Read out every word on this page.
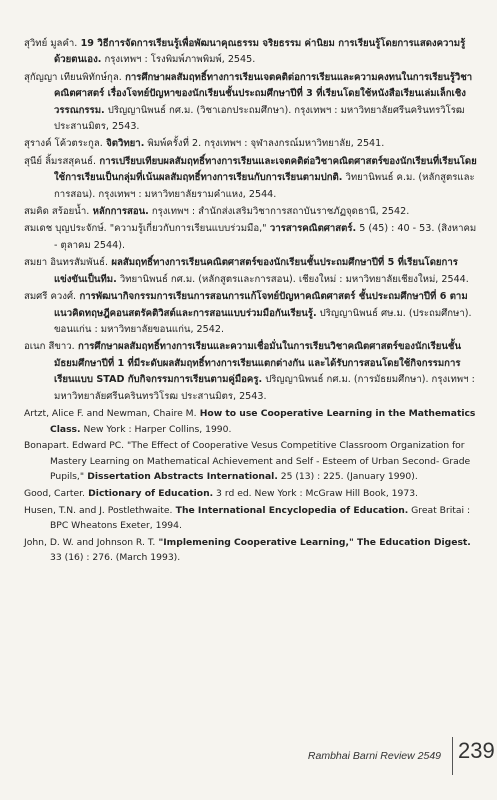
สุวิทย์ มูลคำ. 19 วิธีการจัดการเรียนรู้เพื่อพัฒนาคุณธรรม จริยธรรม ค่านิยม การเรียนรู้โดยการแสดงความรู้ด้วยตนเอง. กรุงเทพฯ : โรงพิมพ์ภาพพิมพ์, 2545.

สุกัญญา เทียนพิทักษ์กุล. การศึกษาผลสัมฤทธิ์ทางการเรียนเจตคติต่อการเรียนและความคงทนในการเรียนรู้วิชาคณิตศาสตร์ เรื่องโจทย์ปัญหาของนักเรียนชั้นประถมศึกษาปีที่ 3 ที่เรียนโดยใช้หนังสือเรียนเล่มเล็กเชิงวรรณกรรม. ปริญญานิพนธ์ กศ.ม. (วิชาเอกประถมศึกษา). กรุงเทพฯ : มหาวิทยาลัยศรีนครินทรวิโรฒ ประสานมิตร, 2543.

สุรางค์ โค้วตระกูล. จิตวิทยา. พิมพ์ครั้งที่ 2. กรุงเทพฯ : จุฬาลงกรณ์มหาวิทยาลัย, 2541.

สุนีย์ ลิ้มรสสุคนธ์. การเปรียบเทียบผลสัมฤทธิ์ทางการเรียนและเจตคติต่อวิชาคณิตศาสตร์ของนักเรียนที่เรียนโดยใช้การเรียนเป็นกลุ่มที่เน้นผลสัมฤทธิ์ทางการเรียนกับการเรียนตามปกติ. วิทยานิพนธ์ ค.ม. (หลักสูตรและการสอน). กรุงเทพฯ : มหาวิทยาลัยรามคำแหง, 2544.

สมคิด สร้อยน้ำ. หลักการสอน. กรุงเทพฯ : สำนักส่งเสริมวิชาการสถาบันราชภัฏจุดธานี, 2542.

สมเดช บุญประจักษ์. "ความรู้เกี่ยวกับการเรียนแบบร่วมมือ," วารสารคณิตศาสตร์. 5 (45) : 40 - 53. (สิงหาคม - ตุลาคม 2544).

สมยา อินทรสัมพันธ์. ผลสัมฤทธิ์ทางการเรียนคณิตศาสตร์ของนักเรียนชั้นประถมศึกษาปีที่ 5 ที่เรียนโดยการแข่งขันเป็นทีม. วิทยานิพนธ์ กศ.ม. (หลักสูตรและการสอน). เชียงใหม่ : มหาวิทยาลัยเชียงใหม่, 2544.

สมศรี ควงศ์. การพัฒนากิจกรรมการเรียนการสอนการแก้โจทย์ปัญหาคณิตศาสตร์ ชั้นประถมศึกษาปีที่ 6 ตามแนวคิดทฤษฎีคอนสตรัคติวิสต์และการสอนแบบร่วมมือกันเรียนรู้. ปริญญานิพนธ์ ศษ.ม. (ประถมศึกษา). ขอนแก่น : มหาวิทยาลัยขอนแก่น, 2542.

อเนก สีขาว. การศึกษาผลสัมฤทธิ์ทางการเรียนและความเชื่อมั่นในการเรียนวิชาคณิตศาสตร์ของนักเรียนชั้นมัธยมศึกษาปีที่ 1 ที่มีระดับผลสัมฤทธิ์ทางการเรียนแตกต่างกัน และได้รับการสอนโดยใช้กิจกรรมการเรียนแบบ STAD กับกิจกรรมการเรียนตามคู่มือครู. ปริญญานิพนธ์ กศ.ม. (การมัธยมศึกษา). กรุงเทพฯ : มหาวิทยาลัยศรีนครินทรวิโรฒ ประสานมิตร, 2543.

Artzt, Alice F. and Newman, Chaire M. How to use Cooperative Learning in the Mathematics Class. New York : Harper Collins, 1990.

Bonapart. Edward PC. "The Effect of Cooperative Vesus Competitive Classroom Organization for Mastery Learning on Mathematical Achievement and Self - Esteem of Urban Second- Grade Pupils," Dissertation Abstracts International. 25 (13) : 225. (January 1990).

Good, Carter. Dictionary of Education. 3 rd ed. New York : McGraw Hill Book, 1973.

Husen, T.N. and J. Postlethwaite. The International Encyclopedia of Education. Great Britai : BPC Wheatons Exeter, 1994.

John, D. W. and Johnson R. T. "Implemening Cooperative Learning," The Education Digest. 33 (16) : 276. (March 1993).

Rambhai Barni Review 2549 239
